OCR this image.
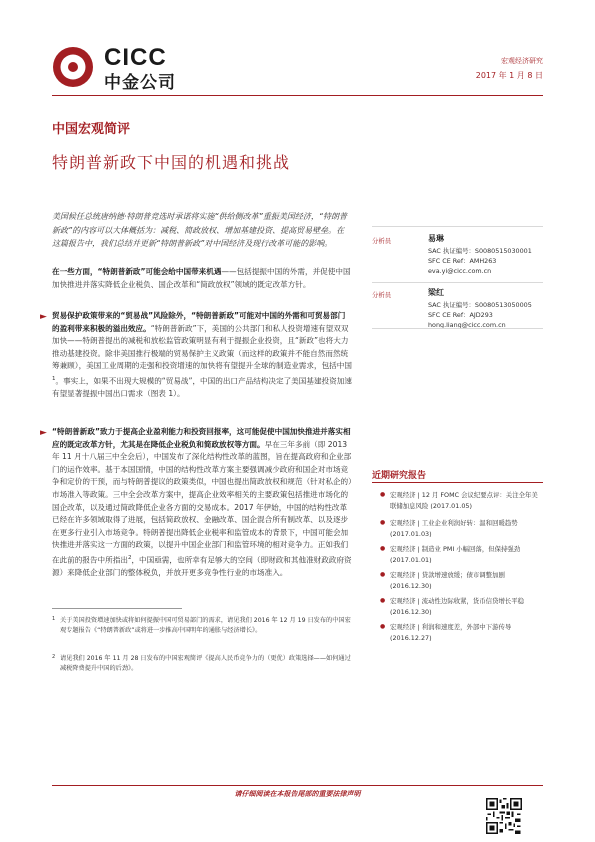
CICC
中金公司
宏观经济研究
2017 年 1 月 8 日
中国宏观简评
特朗普新政下中国的机遇和挑战
美国候任总统唐纳德·特朗普竞选时承诺将实施“供给侧改革”重振美国经济，“特朗普新政”的内容可以大体概括为：减税、简政放权、增加基建投资、提高贸易壁垒。在这篇报告中，我们总结并更新“特朗普新政”对中国经济及现行改革可能的影响。
在一些方面，“特朗普新政”可能会给中国带来机遇——包括提振中国的外需，并促使中国加快推进并落实降低企业税负、国企改革和“简政放权”领域的既定改革方针。
► 贸易保护政策带来的“贸易战”风险除外，“特朗普新政”可能对中国的外需和可贸易部门的盈利带来积极的溢出效应。“特朗普新政”下，美国的公共部门和私人投资增速有望双双加快——特朗普提出的减税和放松监管政策明显有利于提振企业投资，且“新政”也将大力推动基建投资。除非美国推行极端的贸易保护主义政策（而这样的政策并不能自然而然统筹兼顾），美国工业周期的走强和投资增速的加快将有望提升全球的制造业需求，包括中国$^1$。事实上，如果不出现大规模的“贸易战”，中国的出口产品结构决定了美国基建投资加速有望显著提振中国出口需求（图表 1）。
► “特朗普新政”致力于提高企业盈利能力和投资回报率，这可能促使中国加快推进并落实相应的既定改革方针，尤其是在降低企业税负和简政放权等方面。早在三年多前（即 2013 年 11 月十八届三中全会后），中国发布了深化结构性改革的蓝图，旨在提高政府和企业部门的运作效率。基于本国国情，中国的结构性改革方案主要强调减少政府和国企对市场竞争和定价的干预，而与特朗普提议的政策类似，中国也提出简政放权和规范（针对私企的）市场准入等政策。三中全会改革方案中，提高企业效率相关的主要政策包括推进市场化的国企改革，以及通过简政降低企业各方面的交易成本。2017 年伊始，中国的结构性改革已经在许多领域取得了进展，包括简政放权、金融改革、国企混合所有制改革、以及逐步在更多行业引入市场竞争。特朗普提出降低企业税率和监管成本的背景下，中国可能会加快推进并落实这一方面的政策，以提升中国企业部门和监管环境的相对竞争力。正如我们在此前的报告中所指出$^2$，中国亟需，也所幸有足够大的空间（即财政和其他准财政政府资源）来降低企业部门的整体税负，并放开更多竞争性行业的市场准入。
分析员	易琳
SAC 执证编号：S0080515030001
SFC CE Ref：AMH263
eva.yi@cicc.com.cn
分析员	梁红
SAC 执证编号：S0080513050005
SFC CE Ref：AJD293
hong.liang@cicc.com.cn
近期研究报告
● 宏观经济 | 12 月 FOMC 会议纪要点评：关注全年美联储加息风险 (2017.01.05)
● 宏观经济 | 工业企业利润好转：温和回暖趋势 (2017.01.03)
● 宏观经济 | 制造业 PMI 小幅回落，但保持强劲 (2017.01.01)
● 宏观经济 | 贷款增速放缓；债市调整加剧 (2016.12.30)
● 宏观经济 | 流动性边际收紧，货币信贷增长平稳 (2016.12.30)
● 宏观经济 | 利润和速度差，外部中下游传导 (2016.12.27)
1 关于美国投资增速加快或将如何提振中国可贸易部门的需求，请见我们 2016 年 12 月 19 日发布的中国宏观专题报告《“特朗普新政”或将进一步推高中国明年的通胀与经济增长》。
2 请见我们 2016 年 11 月 28 日发布的中国宏观简评《提高人民币竞争力的（更优）政策选择——如何通过减税降费提升中国的后劲》。
请仔细阅读在本报告尾部的重要法律声明
